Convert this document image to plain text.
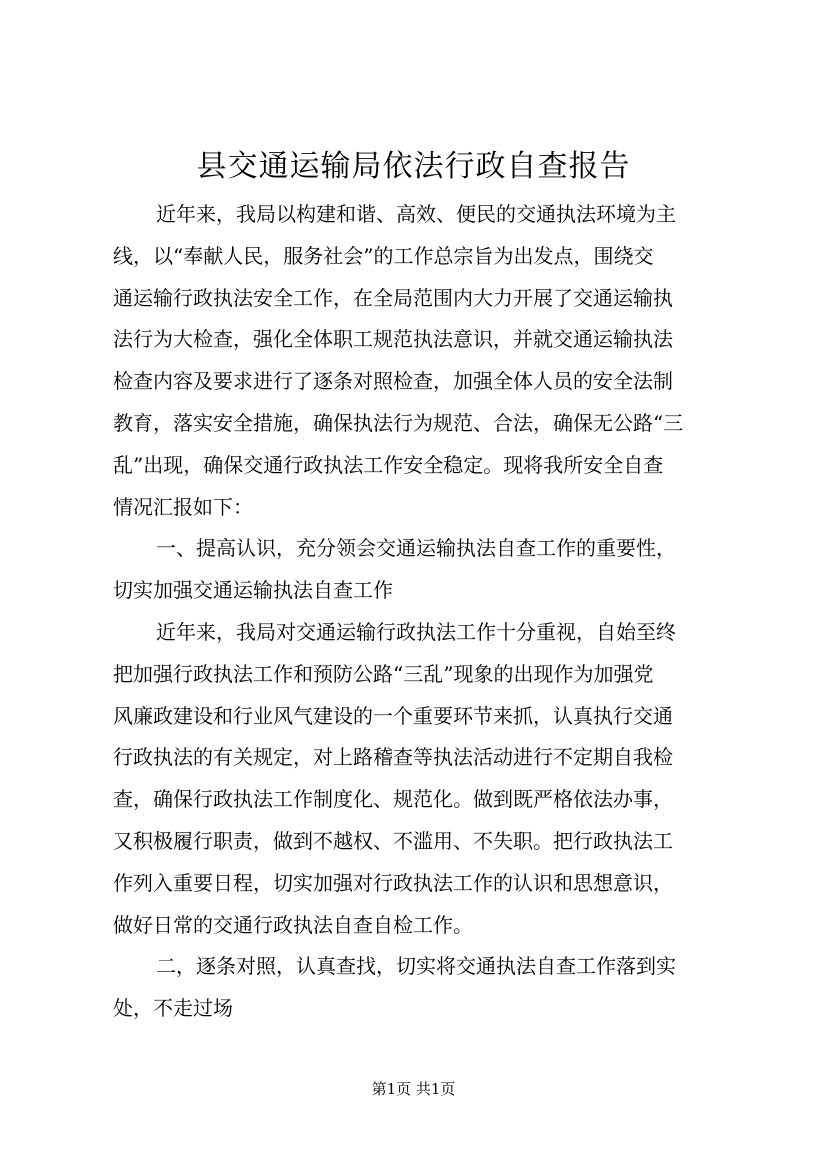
县交通运输局依法行政自查报告
近年来，我局以构建和谐、高效、便民的交通执法环境为主
线，以“奉献人民，服务社会”的工作总宗旨为出发点，围绕交
通运输行政执法安全工作，在全局范围内大力开展了交通运输执
法行为大检查，强化全体职工规范执法意识，并就交通运输执法
检查内容及要求进行了逐条对照检查，加强全体人员的安全法制
教育，落实安全措施，确保执法行为规范、合法，确保无公路“三
乱”出现，确保交通行政执法工作安全稳定。现将我所安全自查
情况汇报如下：
一、提高认识，充分领会交通运输执法自查工作的重要性，
切实加强交通运输执法自查工作
近年来，我局对交通运输行政执法工作十分重视，自始至终
把加强行政执法工作和预防公路“三乱”现象的出现作为加强党
风廉政建设和行业风气建设的一个重要环节来抓，认真执行交通
行政执法的有关规定，对上路稽查等执法活动进行不定期自我检
查，确保行政执法工作制度化、规范化。做到既严格依法办事，
又积极履行职责，做到不越权、不滥用、不失职。把行政执法工
作列入重要日程，切实加强对行政执法工作的认识和思想意识，
做好日常的交通行政执法自查自检工作。
二，逐条对照，认真查找，切实将交通执法自查工作落到实
处，不走过场
第1页 共1页
